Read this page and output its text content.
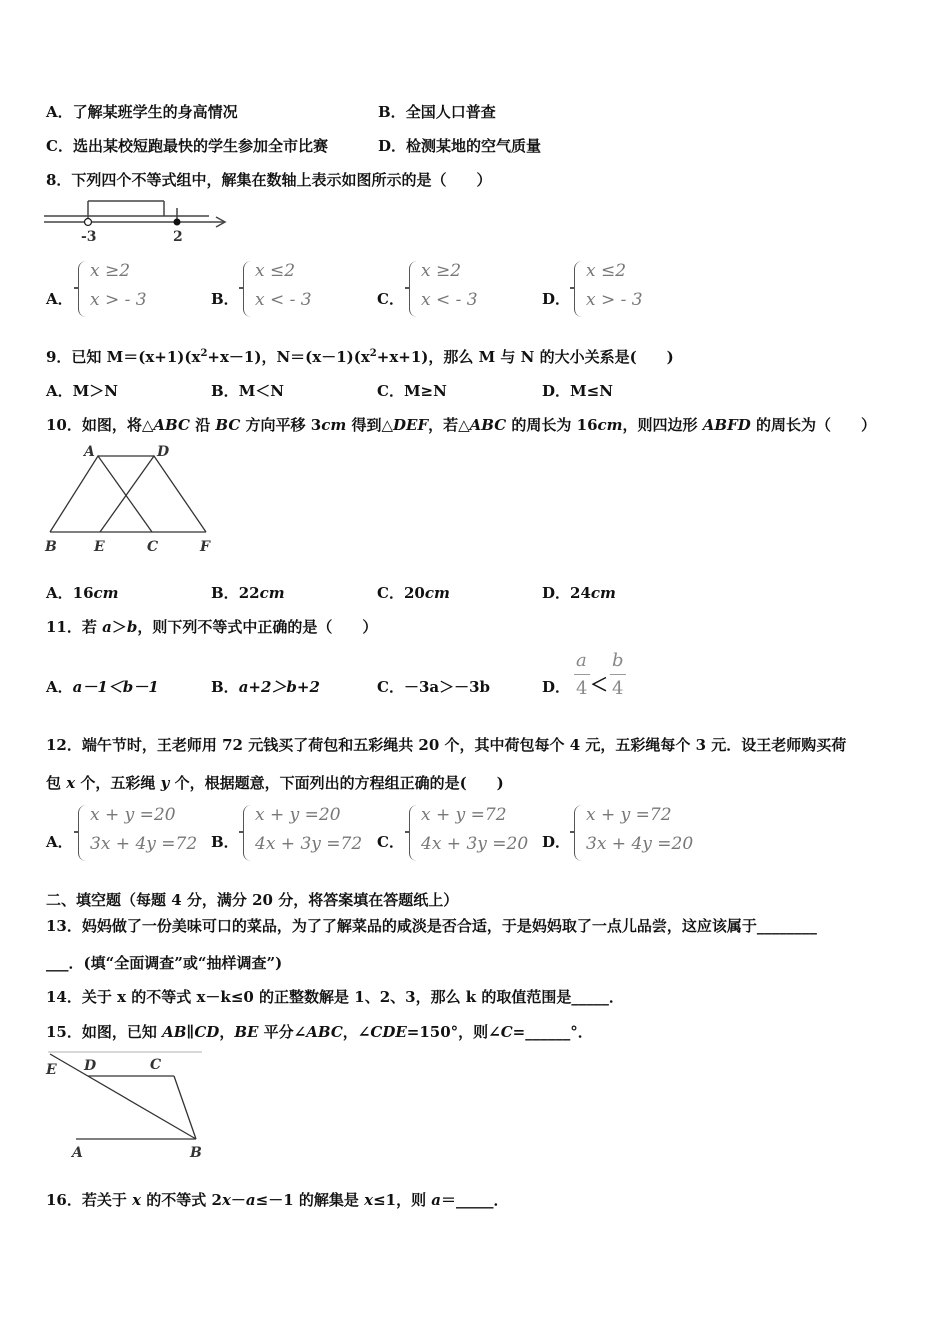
A．了解某班学生的身高情况	B．全国人口普查
C．选出某校短跑最快的学生参加全市比赛	D．检测某地的空气质量
8．下列四个不等式组中，解集在数轴上表示如图所示的是（　　）
-3	2
A．
x ≥2
x > - 3	B．
x ≤2
x < - 3	C．
x ≥2
x < - 3	D．
x ≤2
x > - 3
9．已知 $M=(x+1)(x^2+x-1)$，$N=(x-1)(x^2+x+1)$，那么 M 与 N 的大小关系是(　　)
A．M＞N	B．M＜N	C．M≥N	D．M≤N
10．如图，将△ABC 沿 BC 方向平移 3cm 得到△DEF，若△ABC 的周长为 16cm，则四边形 ABFD 的周长为（　　）
A	D
B	E	C	F
A．16cm	B．22cm	C．20cm	D．24cm
11．若 a＞b，则下列不等式中正确的是（　　）
A．a－1＜b－1	B．a+2＞b+2	C．－3a＞－3b	D．
a
4 ＜
b
4
12．端午节时，王老师用 72 元钱买了荷包和五彩绳共 20 个，其中荷包每个 4 元，五彩绳每个 3 元．设王老师购买荷
包 x 个，五彩绳 y 个，根据题意，下面列出的方程组正确的是(　　)
A．
x + y =20
3x + 4y =72 B．
x + y =20
4x + 3y =72 C．
x + y =72
4x + 3y =20 D．
x + y =72
3x + 4y =20
二、填空题（每题 4 分，满分 20 分，将答案填在答题纸上）
13．妈妈做了一份美味可口的菜品，为了了解菜品的咸淡是否合适，于是妈妈取了一点儿品尝，这应该属于________
___．(填“全面调查”或“抽样调查”)
14．关于 x 的不等式 x－k≤0 的正整数解是 1、2、3，那么 k 的取值范围是_____．
15．如图，已知 AB∥CD，BE 平分∠ABC，∠CDE=150°，则∠C=______°．
E D	C
A	B
16．若关于 x 的不等式 2x－a≤－1 的解集是 x≤1，则 a＝_____．
